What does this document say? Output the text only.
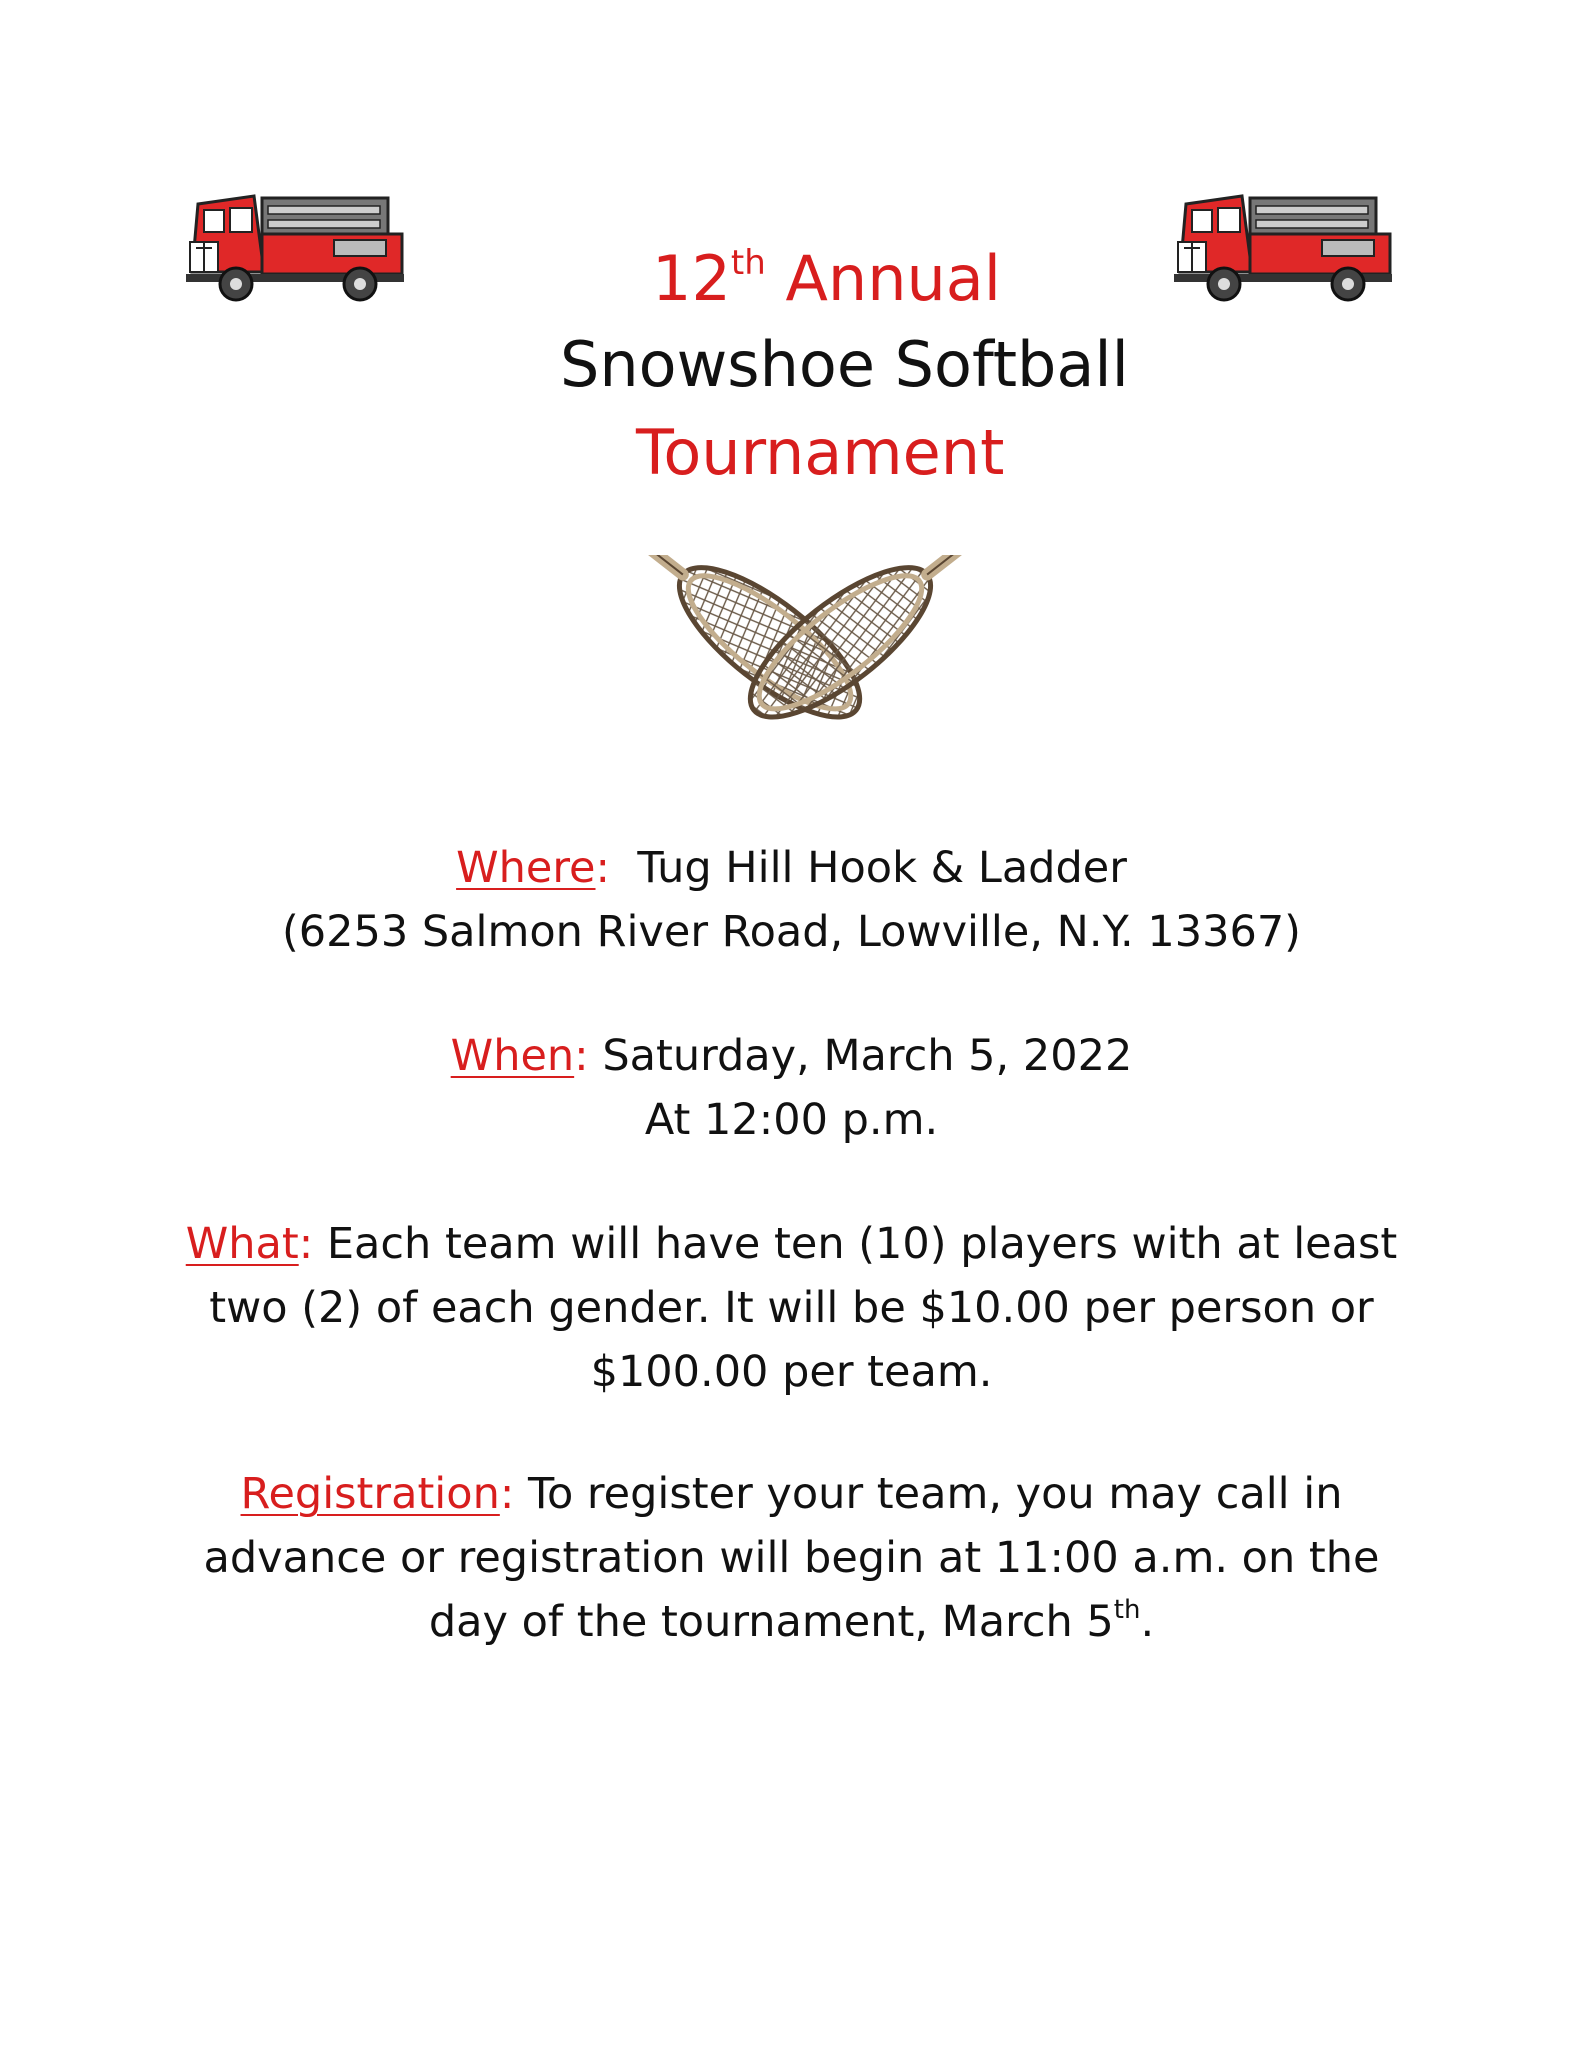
12th Annual
Snowshoe Softball
Tournament
Where: Tug Hill Hook & Ladder
(6253 Salmon River Road, Lowville, N.Y. 13367)
When: Saturday, March 5, 2022
At 12:00 p.m.
What: Each team will have ten (10) players with at least
two (2) of each gender. It will be $10.00 per person or
$100.00 per team.
Registration: To register your team, you may call in
advance or registration will begin at 11:00 a.m. on the
day of the tournament, March 5th.
